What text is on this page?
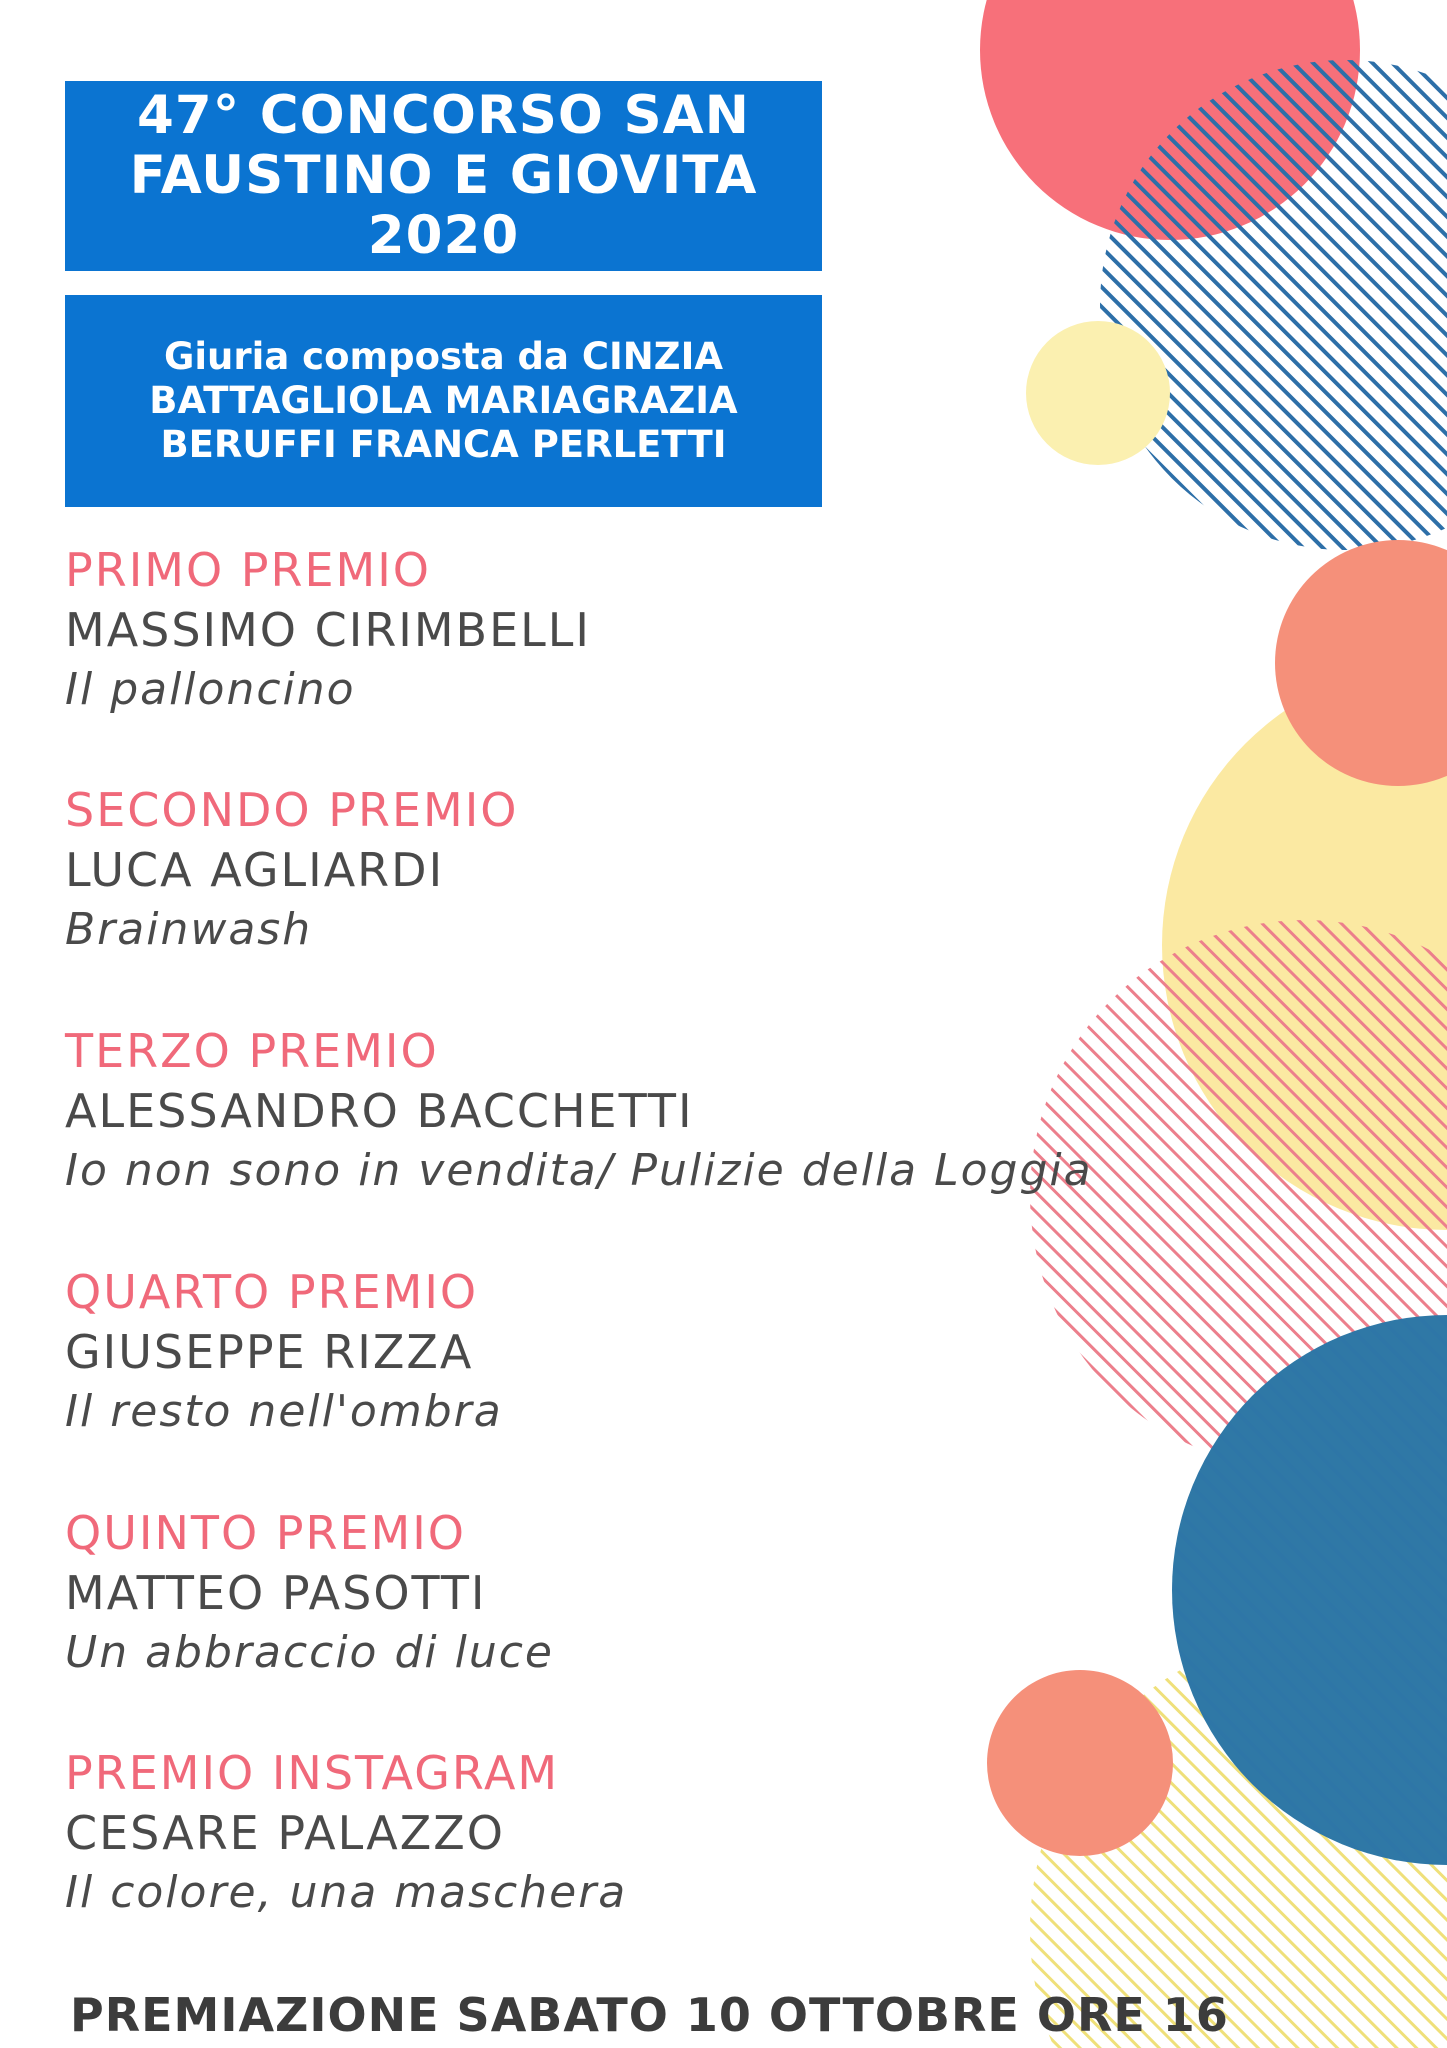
47° CONCORSO SAN FAUSTINO E GIOVITA 2020
Giuria composta da CINZIA BATTAGLIOLA MARIAGRAZIA BERUFFI FRANCA PERLETTI
PRIMO PREMIO
MASSIMO CIRIMBELLI
Il palloncino
SECONDO PREMIO
LUCA AGLIARDI
Brainwash
TERZO PREMIO
ALESSANDRO BACCHETTI
Io non sono in vendita/ Pulizie della Loggia
QUARTO PREMIO
GIUSEPPE RIZZA
Il resto nell'ombra
QUINTO PREMIO
MATTEO PASOTTI
Un abbraccio di luce
PREMIO INSTAGRAM
CESARE PALAZZO
Il colore, una maschera
PREMIAZIONE SABATO 10 OTTOBRE ORE 16
